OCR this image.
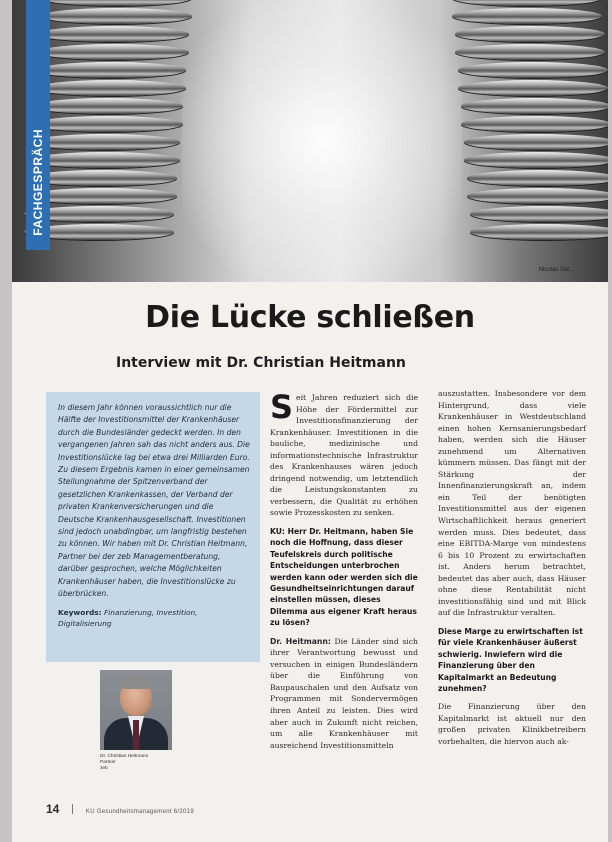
FACHGESPRÄCH
Nicolas Sor...
Die Lücke schließen
Interview mit Dr. Christian Heitmann

In diesem Jahr können voraussichtlich nur die Hälfte der Investitionsmittel der Krankenhäuser durch die Bundesländer gedeckt werden. In den vergangenen Jahren sah das nicht anders aus. Die Investitionslücke lag bei etwa drei Milliarden Euro. Zu diesem Ergebnis kamen in einer gemeinsamen Stellungnahme der Spitzenverband der gesetzlichen Krankenkassen, der Verband der privaten Krankenversicherungen und die Deutsche Krankenhausgesellschaft. Investitionen sind jedoch unabdingbar, um langfristig bestehen zu können. Wir haben mit Dr. Christian Heitmann, Partner bei der zeb Managementberatung, darüber gesprochen, welche Möglichkeiten Krankenhäuser haben, die Investitionslücke zu überbrücken.

Keywords: Finanzierung, Investition, Digitalisierung

Dr. Christian Heitmann
Partner
zeb

Seit Jahren reduziert sich die Höhe der Fördermittel zur Investitionsfinanzierung der Krankenhäuser. Investitionen in die bauliche, medizinische und informationstechnische Infrastruktur des Krankenhauses wären jedoch dringend notwendig, um letztendlich die Leistungskonstanten zu verbessern, die Qualität zu erhöhen sowie Prozesskosten zu senken.

KU: Herr Dr. Heitmann, haben Sie noch die Hoffnung, dass dieser Teufelskreis durch politische Entscheidungen unterbrochen werden kann oder werden sich die Gesundheitseinrichtungen darauf einstellen müssen, dieses Dilemma aus eigener Kraft heraus zu lösen?

Dr. Heitmann: Die Länder sind sich ihrer Verantwortung bewusst und versuchen in einigen Bundesländern über die Einführung von Baupauschalen und den Aufsatz von Programmen mit Sondervermögen ihren Anteil zu leisten. Dies wird aber auch in Zukunft nicht reichen, um alle Krankenhäuser mit ausreichend Investitionsmitteln

auszustatten. Insbesondere vor dem Hintergrund, dass viele Krankenhäuser in Westdeutschland einen hohen Kernsanierungsbedarf haben, werden sich die Häuser zunehmend um Alternativen kümmern müssen. Das fängt mit der Stärkung der Innenfinanzierungskraft an, indem ein Teil der benötigten Investitionsmittel aus der eigenen Wirtschaftlichkeit heraus generiert werden muss. Dies bedeutet, dass eine EBITDA-Marge von mindestens 6 bis 10 Prozent zu erwirtschaften ist. Anders herum betrachtet, bedeutet das aber auch, dass Häuser ohne diese Rentabilität nicht investitionsfähig sind und mit Blick auf die Infrastruktur veralten.

Diese Marge zu erwirtschaften ist für viele Krankenhäuser äußerst schwierig. Inwiefern wird die Finanzierung über den Kapitalmarkt an Bedeutung zunehmen?

Die Finanzierung über den Kapitalmarkt ist aktuell nur den großen privaten Klinikbetreibern vorbehalten, die hiervon auch ak-

14	KU Gesundheitsmanagement 6/2019
